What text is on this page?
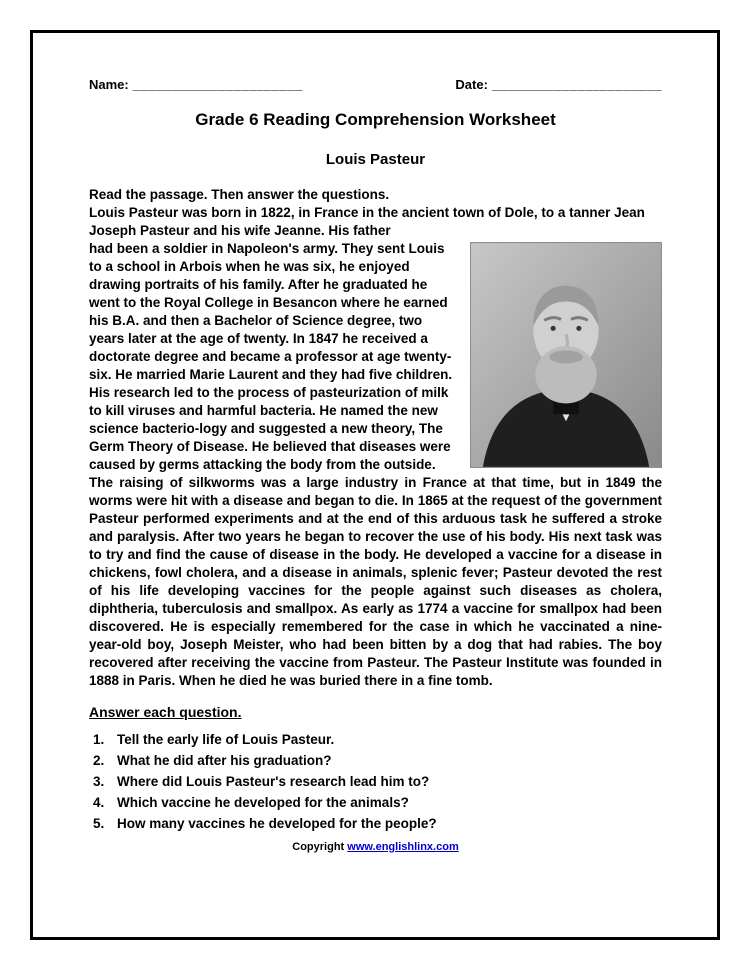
Name: ______________________	Date: ______________________
Grade 6 Reading Comprehension Worksheet
Louis Pasteur

Read the passage. Then answer the questions.

Louis Pasteur was born in 1822, in France in the ancient town of Dole, to a tanner Jean Joseph Pasteur and his wife Jeanne. His father

had been a soldier in Napoleon's army. They sent Louis to a school in Arbois when he was six, he enjoyed drawing portraits of his family. After he graduated he went to the Royal College in Besancon where he earned his B.A. and then a Bachelor of Science degree, two years later at the age of twenty. In 1847 he received a doctorate degree and became a professor at age twenty-six. He married Marie Laurent and they had five children. His research led to the process of pasteurization of milk to kill viruses and harmful bacteria. He named the new science bacterio-logy and suggested a new theory, The Germ Theory of Disease. He believed that diseases were caused by germs attacking the body from the outside.

The raising of silkworms was a large industry in France at that time, but in 1849 the worms were hit with a disease and began to die. In 1865 at the request of the government Pasteur performed experiments and at the end of this arduous task he suffered a stroke and paralysis. After two years he began to recover the use of his body. His next task was to try and find the cause of disease in the body. He developed a vaccine for a disease in chickens, fowl cholera, and a disease in animals, splenic fever; Pasteur devoted the rest of his life developing vaccines for the people against such diseases as cholera, diphtheria, tuberculosis and smallpox. As early as 1774 a vaccine for smallpox had been discovered. He is especially remembered for the case in which he vaccinated a nine-year-old boy, Joseph Meister, who had been bitten by a dog that had rabies. The boy recovered after receiving the vaccine from Pasteur. The Pasteur Institute was founded in 1888 in Paris. When he died he was buried there in a fine tomb.

Answer each question.
1. Tell the early life of Louis Pasteur.
2. What he did after his graduation?
3. Where did Louis Pasteur's research lead him to?
4. Which vaccine he developed for the animals?
5. How many vaccines he developed for the people?
Copyright www.englishlinx.com
